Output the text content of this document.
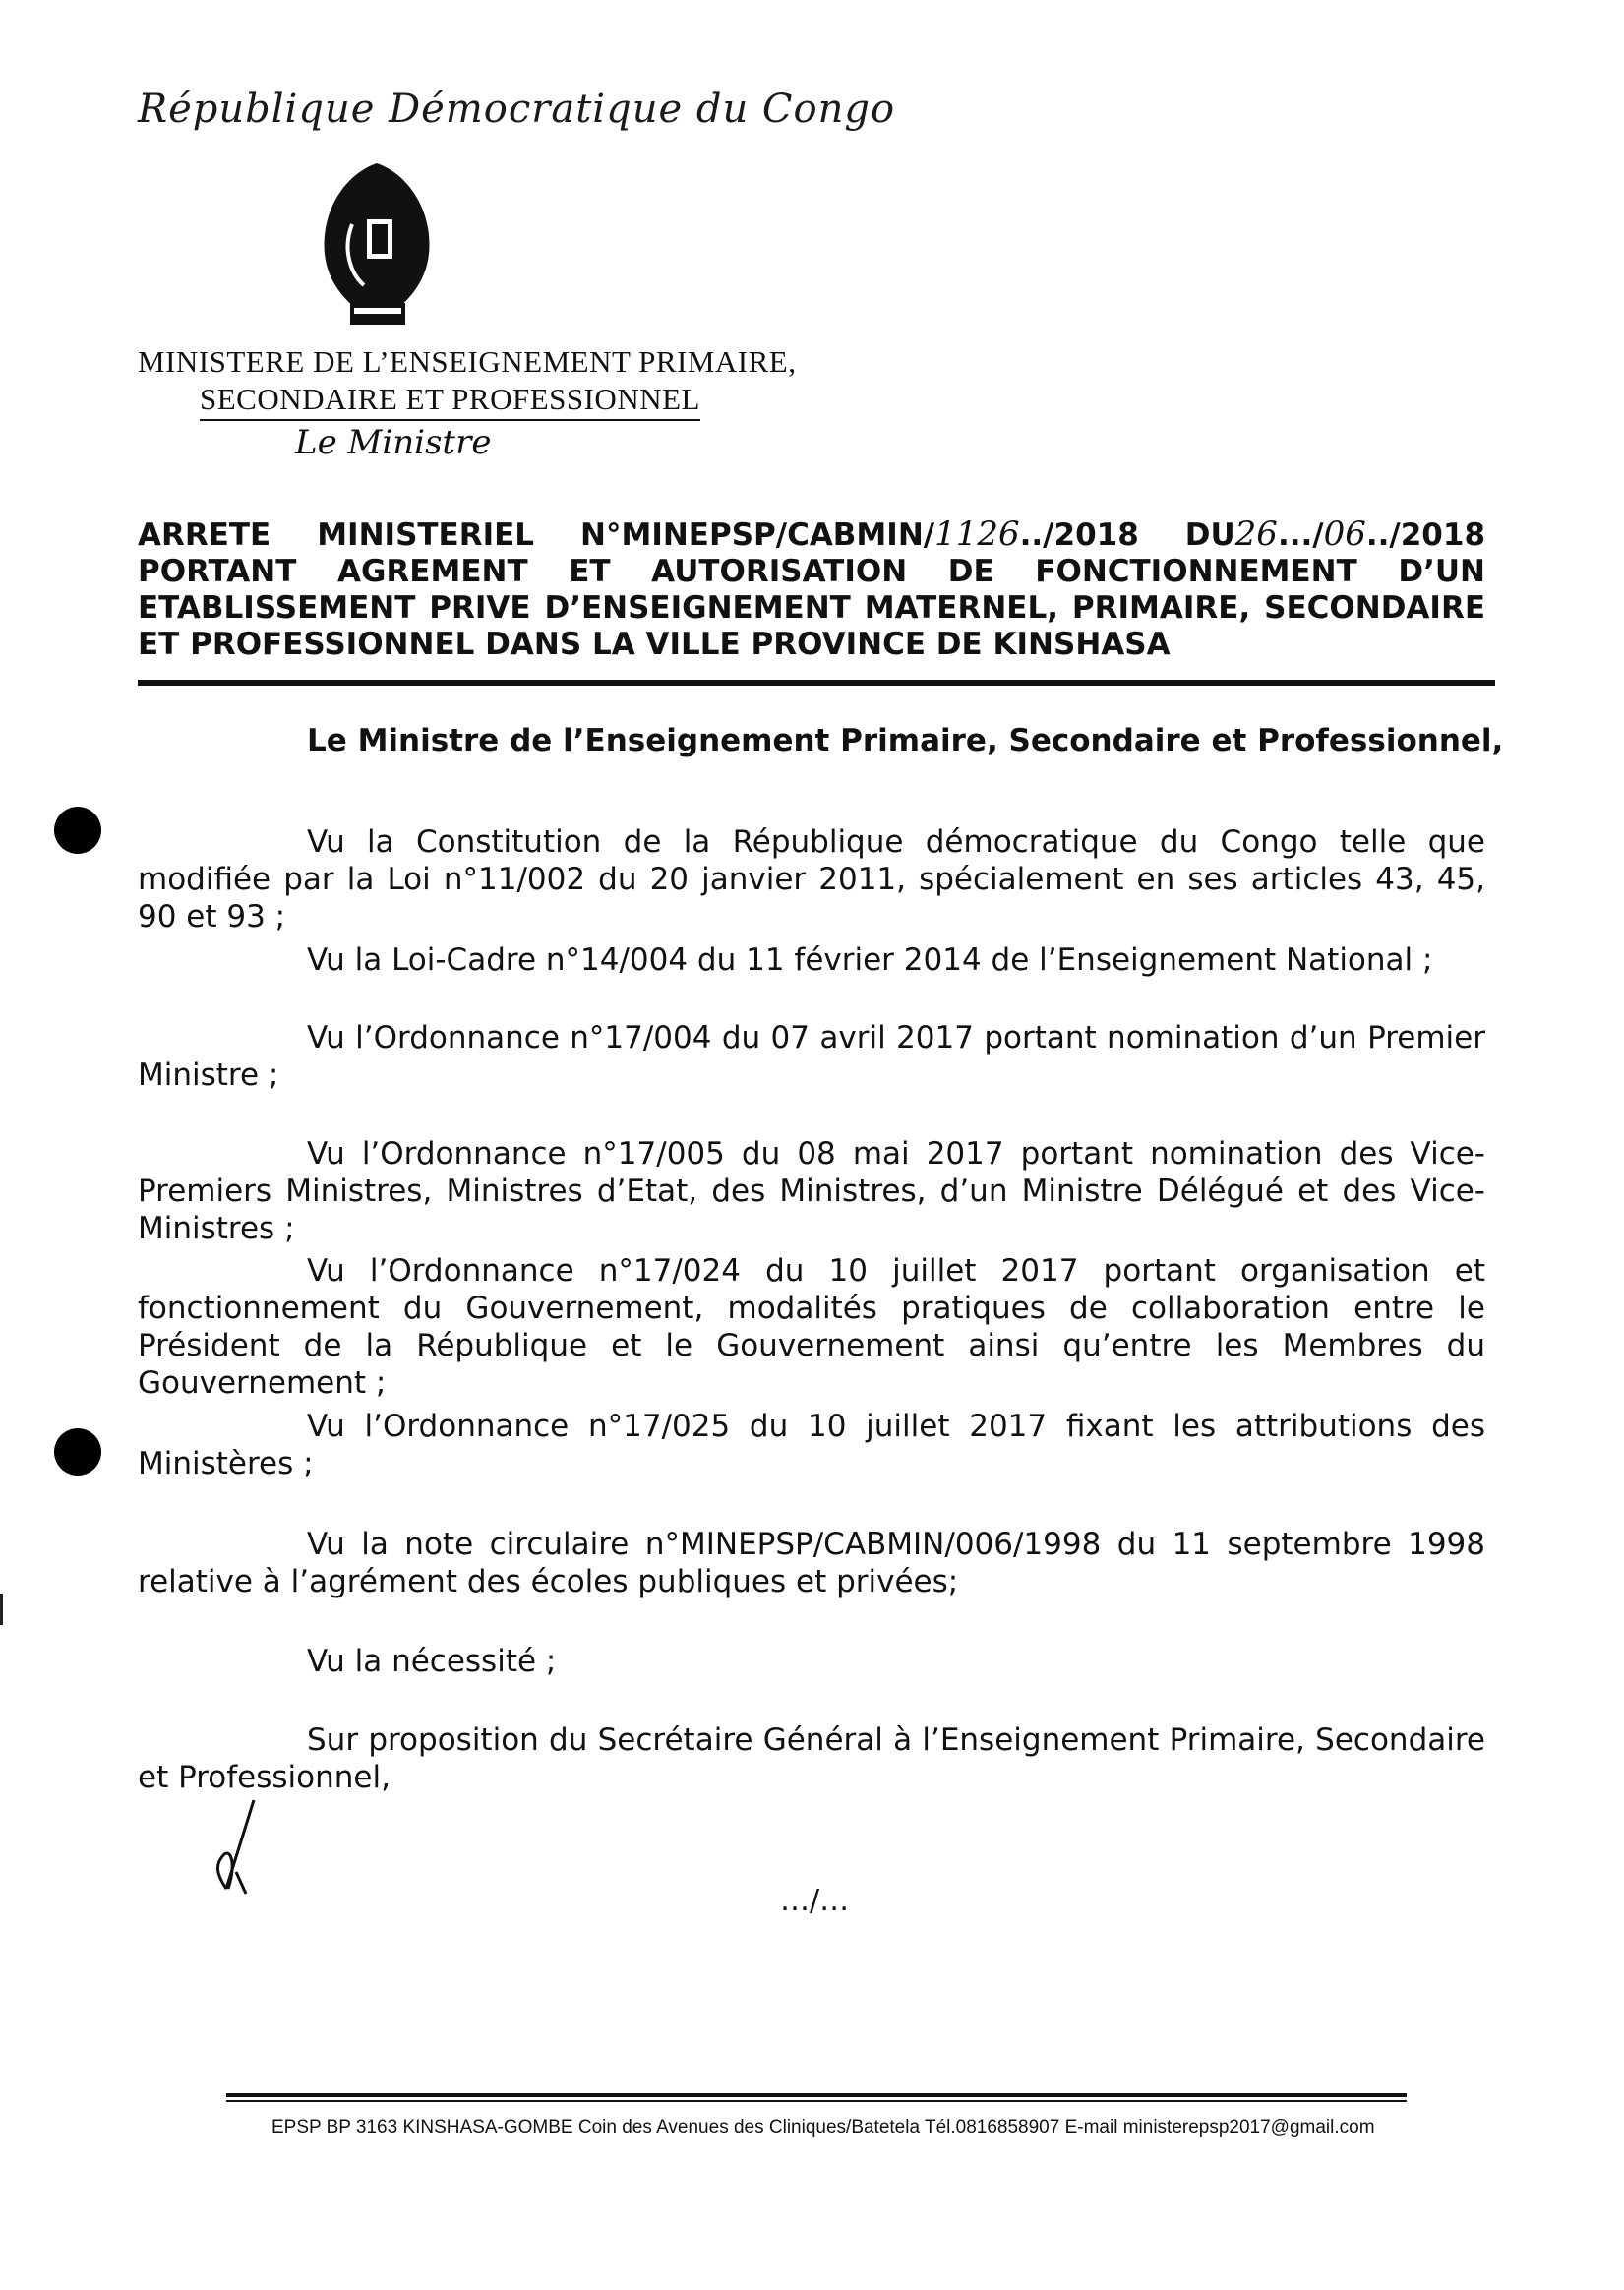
République Démocratique du Congo
MINISTERE DE L’ENSEIGNEMENT PRIMAIRE,
SECONDAIRE ET PROFESSIONNEL
Le Ministre
ARRETE MINISTERIEL N°MINEPSP/CABMIN/1126../2018 DU26.../06../2018
PORTANT AGREMENT ET AUTORISATION DE FONCTIONNEMENT D’UN
ETABLISSEMENT PRIVE D’ENSEIGNEMENT MATERNEL, PRIMAIRE, SECONDAIRE
ET PROFESSIONNEL DANS LA VILLE PROVINCE DE KINSHASA
Le Ministre de l’Enseignement Primaire, Secondaire et Professionnel,
Vu la Constitution de la République démocratique du Congo telle que modifiée par la Loi n°11/002 du 20 janvier 2011, spécialement en ses articles 43, 45, 90 et 93 ;
Vu la Loi-Cadre n°14/004 du 11 février 2014 de l’Enseignement National ;
Vu l’Ordonnance n°17/004 du 07 avril 2017 portant nomination d’un Premier Ministre ;
Vu l’Ordonnance n°17/005 du 08 mai 2017 portant nomination des Vice-Premiers Ministres, Ministres d’Etat, des Ministres, d’un Ministre Délégué et des Vice-Ministres ;
Vu l’Ordonnance n°17/024 du 10 juillet 2017 portant organisation et fonctionnement du Gouvernement, modalités pratiques de collaboration entre le Président de la République et le Gouvernement ainsi qu’entre les Membres du Gouvernement ;
Vu l’Ordonnance n°17/025 du 10 juillet 2017 fixant les attributions des Ministères ;
Vu la note circulaire n°MINEPSP/CABMIN/006/1998 du 11 septembre 1998 relative à l’agrément des écoles publiques et privées;
Vu la nécessité ;
Sur proposition du Secrétaire Général à l’Enseignement Primaire, Secondaire et Professionnel,
…/…
EPSP BP 3163 KINSHASA-GOMBE Coin des Avenues des Cliniques/Batetela Tél.0816858907 E-mail ministerepsp2017@gmail.com
